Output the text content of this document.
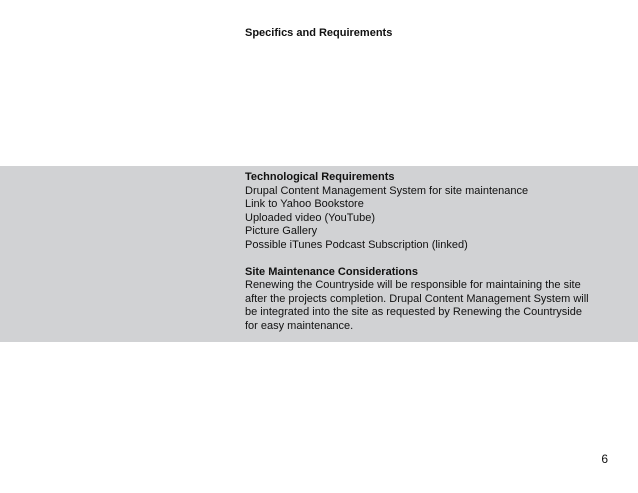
Specifics and Requirements

Technological Requirements

Drupal Content Management System for site maintenance
Link to Yahoo Bookstore
Uploaded video (YouTube)
Picture Gallery
Possible iTunes Podcast Subscription (linked)

Site Maintenance Considerations

Renewing the Countryside will be responsible for maintaining the site after the projects completion. Drupal Content Management System will be integrated into the site as requested by Renewing the Countryside for easy maintenance.

6
